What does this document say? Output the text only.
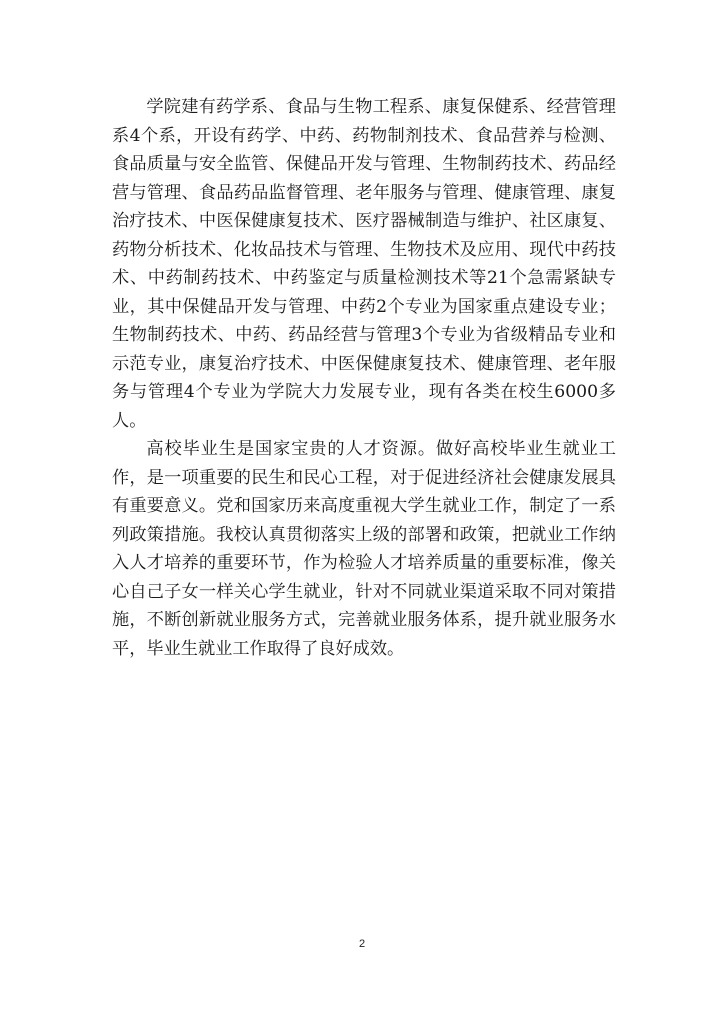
学院建有药学系、食品与生物工程系、康复保健系、经营管理系4个系，开设有药学、中药、药物制剂技术、食品营养与检测、食品质量与安全监管、保健品开发与管理、生物制药技术、药品经营与管理、食品药品监督管理、老年服务与管理、健康管理、康复治疗技术、中医保健康复技术、医疗器械制造与维护、社区康复、药物分析技术、化妆品技术与管理、生物技术及应用、现代中药技术、中药制药技术、中药鉴定与质量检测技术等21个急需紧缺专业，其中保健品开发与管理、中药2个专业为国家重点建设专业；生物制药技术、中药、药品经营与管理3个专业为省级精品专业和示范专业，康复治疗技术、中医保健康复技术、健康管理、老年服务与管理4个专业为学院大力发展专业，现有各类在校生6000多人。

高校毕业生是国家宝贵的人才资源。做好高校毕业生就业工作，是一项重要的民生和民心工程，对于促进经济社会健康发展具有重要意义。党和国家历来高度重视大学生就业工作，制定了一系列政策措施。我校认真贯彻落实上级的部署和政策，把就业工作纳入人才培养的重要环节，作为检验人才培养质量的重要标准，像关心自己子女一样关心学生就业，针对不同就业渠道采取不同对策措施，不断创新就业服务方式，完善就业服务体系，提升就业服务水平，毕业生就业工作取得了良好成效。

2
